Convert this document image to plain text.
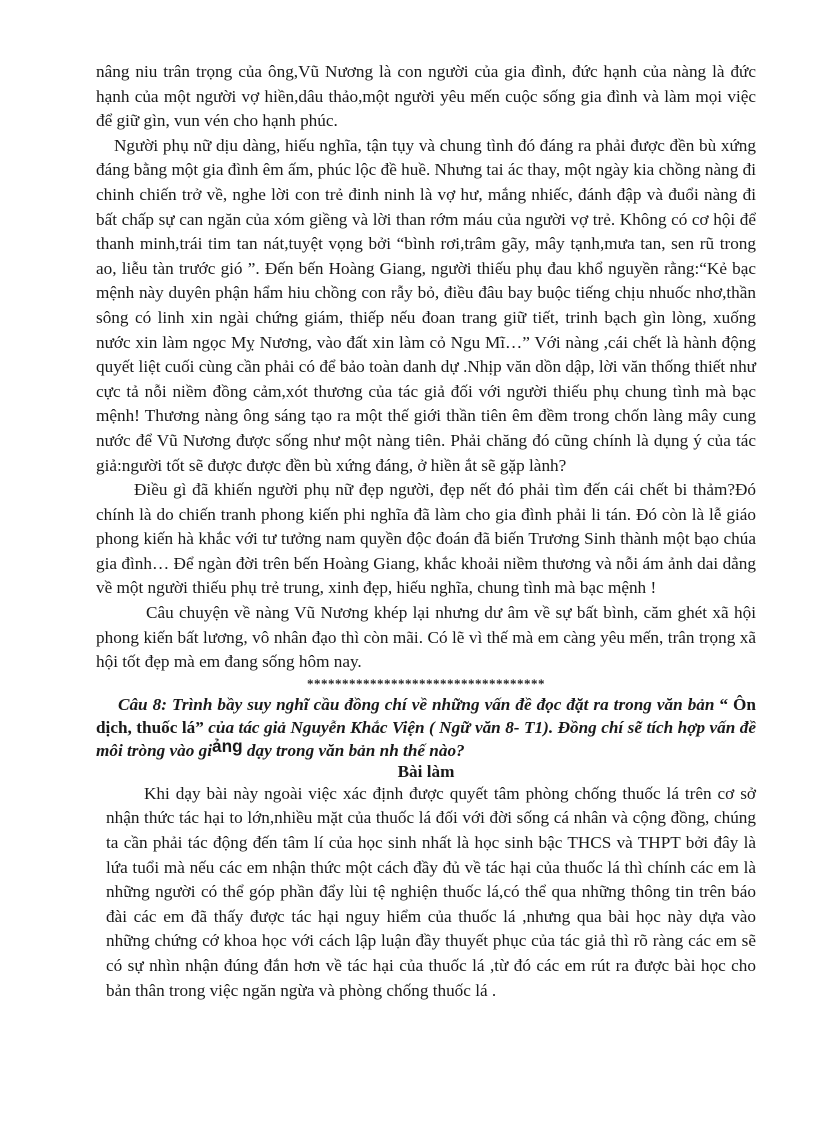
nâng niu trân trọng của ông,Vũ Nương là con người của gia đình, đức hạnh của nàng là đức hạnh của một người vợ hiền,dâu thảo,một người yêu mến cuộc sống gia đình và làm mọi việc để giữ gìn, vun vén cho hạnh phúc.

Người phụ nữ dịu dàng, hiếu nghĩa, tận tụy và chung tình đó đáng ra phải được đền bù xứng đáng bằng một gia đình êm ấm, phúc lộc đề huề. Nhưng tai ác thay, một ngày kia chồng nàng đi chinh chiến trở về, nghe lời con trẻ đinh ninh là vợ hư, mắng nhiếc, đánh đập và đuổi nàng đi bất chấp sự can ngăn của xóm giềng và lời than rớm máu của người vợ trẻ. Không có cơ hội để thanh minh,trái tim tan nát,tuyệt vọng bởi “bình rơi,trâm gãy, mây tạnh,mưa tan, sen rũ trong ao, liễu tàn trước gió ”. Đến bến Hoàng Giang, người thiếu phụ đau khổ nguyền rằng:“Kẻ bạc mệnh này duyên phận hẩm hiu chồng con rẫy bỏ, điều đâu bay buộc tiếng chịu nhuốc nhơ,thần sông có linh xin ngài chứng giám, thiếp nếu đoan trang giữ tiết, trinh bạch gìn lòng, xuống nước xin làm ngọc Mỵ Nương, vào đất xin làm cỏ Ngu Mĩ…” Với nàng ,cái chết là hành động quyết liệt cuối cùng cần phải có để bảo toàn danh dự .Nhịp văn dồn dập, lời văn thống thiết như cực tả nỗi niềm đồng cảm,xót thương của tác giả đối với người thiếu phụ chung tình mà bạc mệnh! Thương nàng ông sáng tạo ra một thế giới thần tiên êm đềm trong chốn làng mây cung nước để Vũ Nương được sống như một nàng tiên. Phải chăng đó cũng chính là dụng ý của tác giả:người tốt sẽ được được đền bù xứng đáng, ở hiền ắt sẽ gặp lành?

Điều gì đã khiến người phụ nữ đẹp người, đẹp nết đó phải tìm đến cái chết bi thảm?Đó chính là do chiến tranh phong kiến phi nghĩa đã làm cho gia đình phải li tán. Đó còn là lễ giáo phong kiến hà khắc với tư tưởng nam quyền độc đoán đã biến Trương Sinh thành một bạo chúa gia đình… Để ngàn đời trên bến Hoàng Giang, khắc khoải niềm thương và nỗi ám ảnh dai dẳng về một người thiếu phụ trẻ trung, xinh đẹp, hiếu nghĩa, chung tình mà bạc mệnh !

Câu chuyện về nàng Vũ Nương khép lại nhưng dư âm về sự bất bình, căm ghét xã hội phong kiến bất lương, vô nhân đạo thì còn mãi. Có lẽ vì thế mà em càng yêu mến, trân trọng xã hội tốt đẹp mà em đang sống hôm nay.

**********************************

Câu 8: Trình bầy suy nghĩ cầu đồng chí về những vấn đề đọc đặt ra trong văn bản “ Ôn dịch, thuốc lá” của tác giả Nguyễn Khắc Viện ( Ngữ văn 8- T1). Đồng chí sẽ tích hợp vấn đề môi tròng vào giảng dạy trong văn bản nh thế nào?

Bài làm

Khi dạy bài này ngoài việc xác định được quyết tâm phòng chống thuốc lá trên cơ sở nhận thức tác hại to lớn,nhiều mặt của thuốc lá đối với đời sống cá nhân và cộng đồng, chúng ta cần phải tác động đến tâm lí của học sinh nhất là học sinh bậc THCS và THPT bởi đây là lứa tuổi mà nếu các em nhận thức một cách đầy đủ về tác hại của thuốc lá thì chính các em là những người có thể góp phần đẩy lùi tệ nghiện thuốc lá,có thể qua những thông tin trên báo đài các em đã thấy được tác hại nguy hiểm của thuốc lá ,nhưng qua bài học này dựa vào những chứng cớ khoa học với cách lập luận đầy thuyết phục của tác giả thì rõ ràng các em sẽ có sự nhìn nhận đúng đắn hơn về tác hại của thuốc lá ,từ đó các em rút ra được bài học cho bản thân trong việc ngăn ngừa và phòng chống thuốc lá .
